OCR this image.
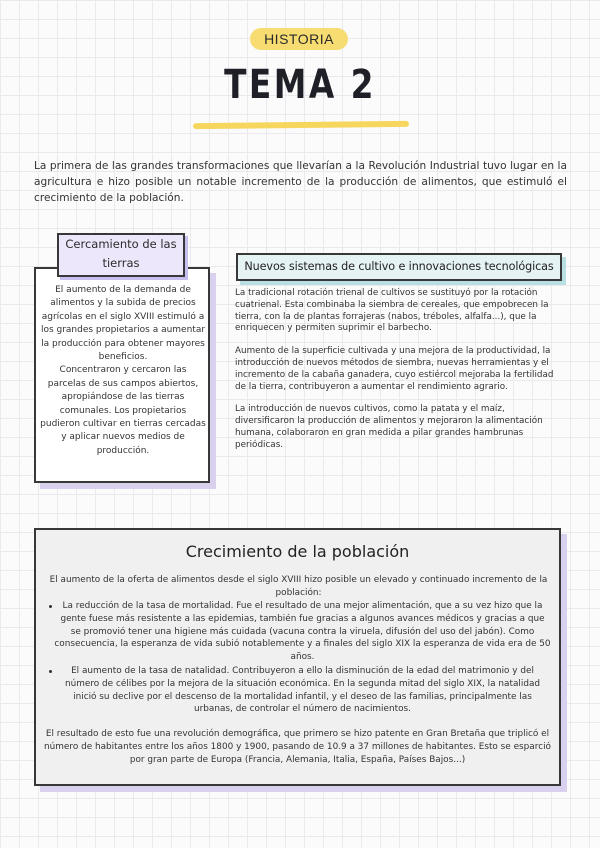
HISTORIA
TEMA 2
La primera de las grandes transformaciones que llevarían a la Revolución Industrial tuvo lugar en la agricultura e hizo posible un notable incremento de la producción de alimentos, que estimuló el crecimiento de la población.
El aumento de la demanda de alimentos y la subida de precios agrícolas en el siglo XVIII estimuló a los grandes propietarios a aumentar la producción para obtener mayores beneficios.
Concentraron y cercaron las parcelas de sus campos abiertos, apropiándose de las tierras comunales. Los propietarios pudieron cultivar en tierras cercadas y aplicar nuevos medios de producción.
Cercamiento de las tierras	Nuevos sistemas de cultivo e innovaciones tecnológicas

La tradicional rotación trienal de cultivos se sustituyó por la rotación cuatrienal. Esta combinaba la siembra de cereales, que empobrecen la tierra, con la de plantas forrajeras (nabos, tréboles, alfalfa...), que la enriquecen y permiten suprimir el barbecho.

Aumento de la superficie cultivada y una mejora de la productividad, la introducción de nuevos métodos de siembra, nuevas herramientas y el incremento de la cabaña ganadera, cuyo estiércol mejoraba la fertilidad de la tierra, contribuyeron a aumentar el rendimiento agrario.

La introducción de nuevos cultivos, como la patata y el maíz, diversificaron la producción de alimentos y mejoraron la alimentación humana, colaboraron en gran medida a pilar grandes hambrunas periódicas.

Crecimiento de la población
El aumento de la oferta de alimentos desde el siglo XVIII hizo posible un elevado y continuado incremento de la población:
La reducción de la tasa de mortalidad. Fue el resultado de una mejor alimentación, que a su vez hizo que la gente fuese más resistente a las epidemias, también fue gracias a algunos avances médicos y gracias a que se promovió tener una higiene más cuidada (vacuna contra la viruela, difusión del uso del jabón). Como consecuencia, la esperanza de vida subió notablemente y a finales del siglo XIX la esperanza de vida era de 50 años.
El aumento de la tasa de natalidad. Contribuyeron a ello la disminución de la edad del matrimonio y del número de célibes por la mejora de la situación económica. En la segunda mitad del siglo XIX, la natalidad inició su declive por el descenso de la mortalidad infantil, y el deseo de las familias, principalmente las urbanas, de controlar el número de nacimientos.
El resultado de esto fue una revolución demográfica, que primero se hizo patente en Gran Bretaña que triplicó el número de habitantes entre los años 1800 y 1900, pasando de 10.9 a 37 millones de habitantes. Esto se esparció por gran parte de Europa (Francia, Alemania, Italia, España, Países Bajos...)
